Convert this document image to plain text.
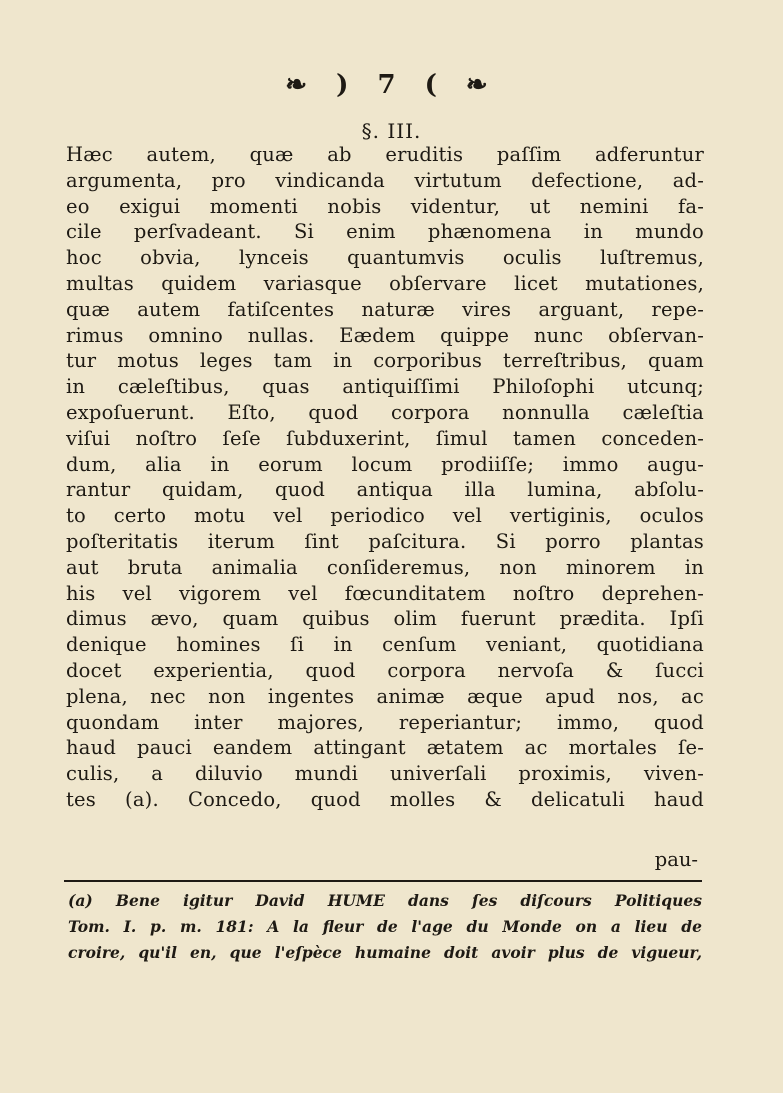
❧ ) 7 ( ❧
§. III.
Hæc autem, quæ ab eruditis paſſim adferuntur
argumenta, pro vindicanda virtutum defectione, ad-
eo exigui momenti nobis videntur, ut nemini fa-
cile perſvadeant. Si enim phænomena in mundo
hoc obvia, lynceis quantumvis oculis luſtremus,
multas quidem variasque obſervare licet mutationes,
quæ autem fatiſcentes naturæ vires arguant, repe-
rimus omnino nullas. Eædem quippe nunc obſervan-
tur motus leges tam in corporibus terreſtribus, quam
in cæleſtibus, quas antiquiſſimi Philoſophi utcunq;
expoſuerunt. Eſto, quod corpora nonnulla cæleſtia
viſui noſtro ſeſe ſubduxerint, ſimul tamen conceden-
dum, alia in eorum locum prodiiſſe; immo augu-
rantur quidam, quod antiqua illa lumina, abſolu-
to certo motu vel periodico vel vertiginis, oculos
poſteritatis iterum ſint paſcitura. Si porro plantas
aut bruta animalia conſideremus, non minorem in
his vel vigorem vel fœcunditatem noſtro deprehen-
dimus ævo, quam quibus olim fuerunt prædita. Ipſi
denique homines ſi in cenſum veniant, quotidiana
docet experientia, quod corpora nervoſa & ſucci
plena, nec non ingentes animæ æque apud nos, ac
quondam inter majores, reperiantur; immo, quod
haud pauci eandem attingant ætatem ac mortales ſe-
culis, a diluvio mundi univerſali proximis, viven-
tes (a). Concedo, quod molles & delicatuli haud
pau-
(a) Bene igitur David HUME dans ſes diſcours Politiques
Tom. I. p. m. 181: A la fleur de l'age du Monde on a lieu de
croire, qu'il en, que l'eſpèce humaine doit avoir plus de vigueur,
